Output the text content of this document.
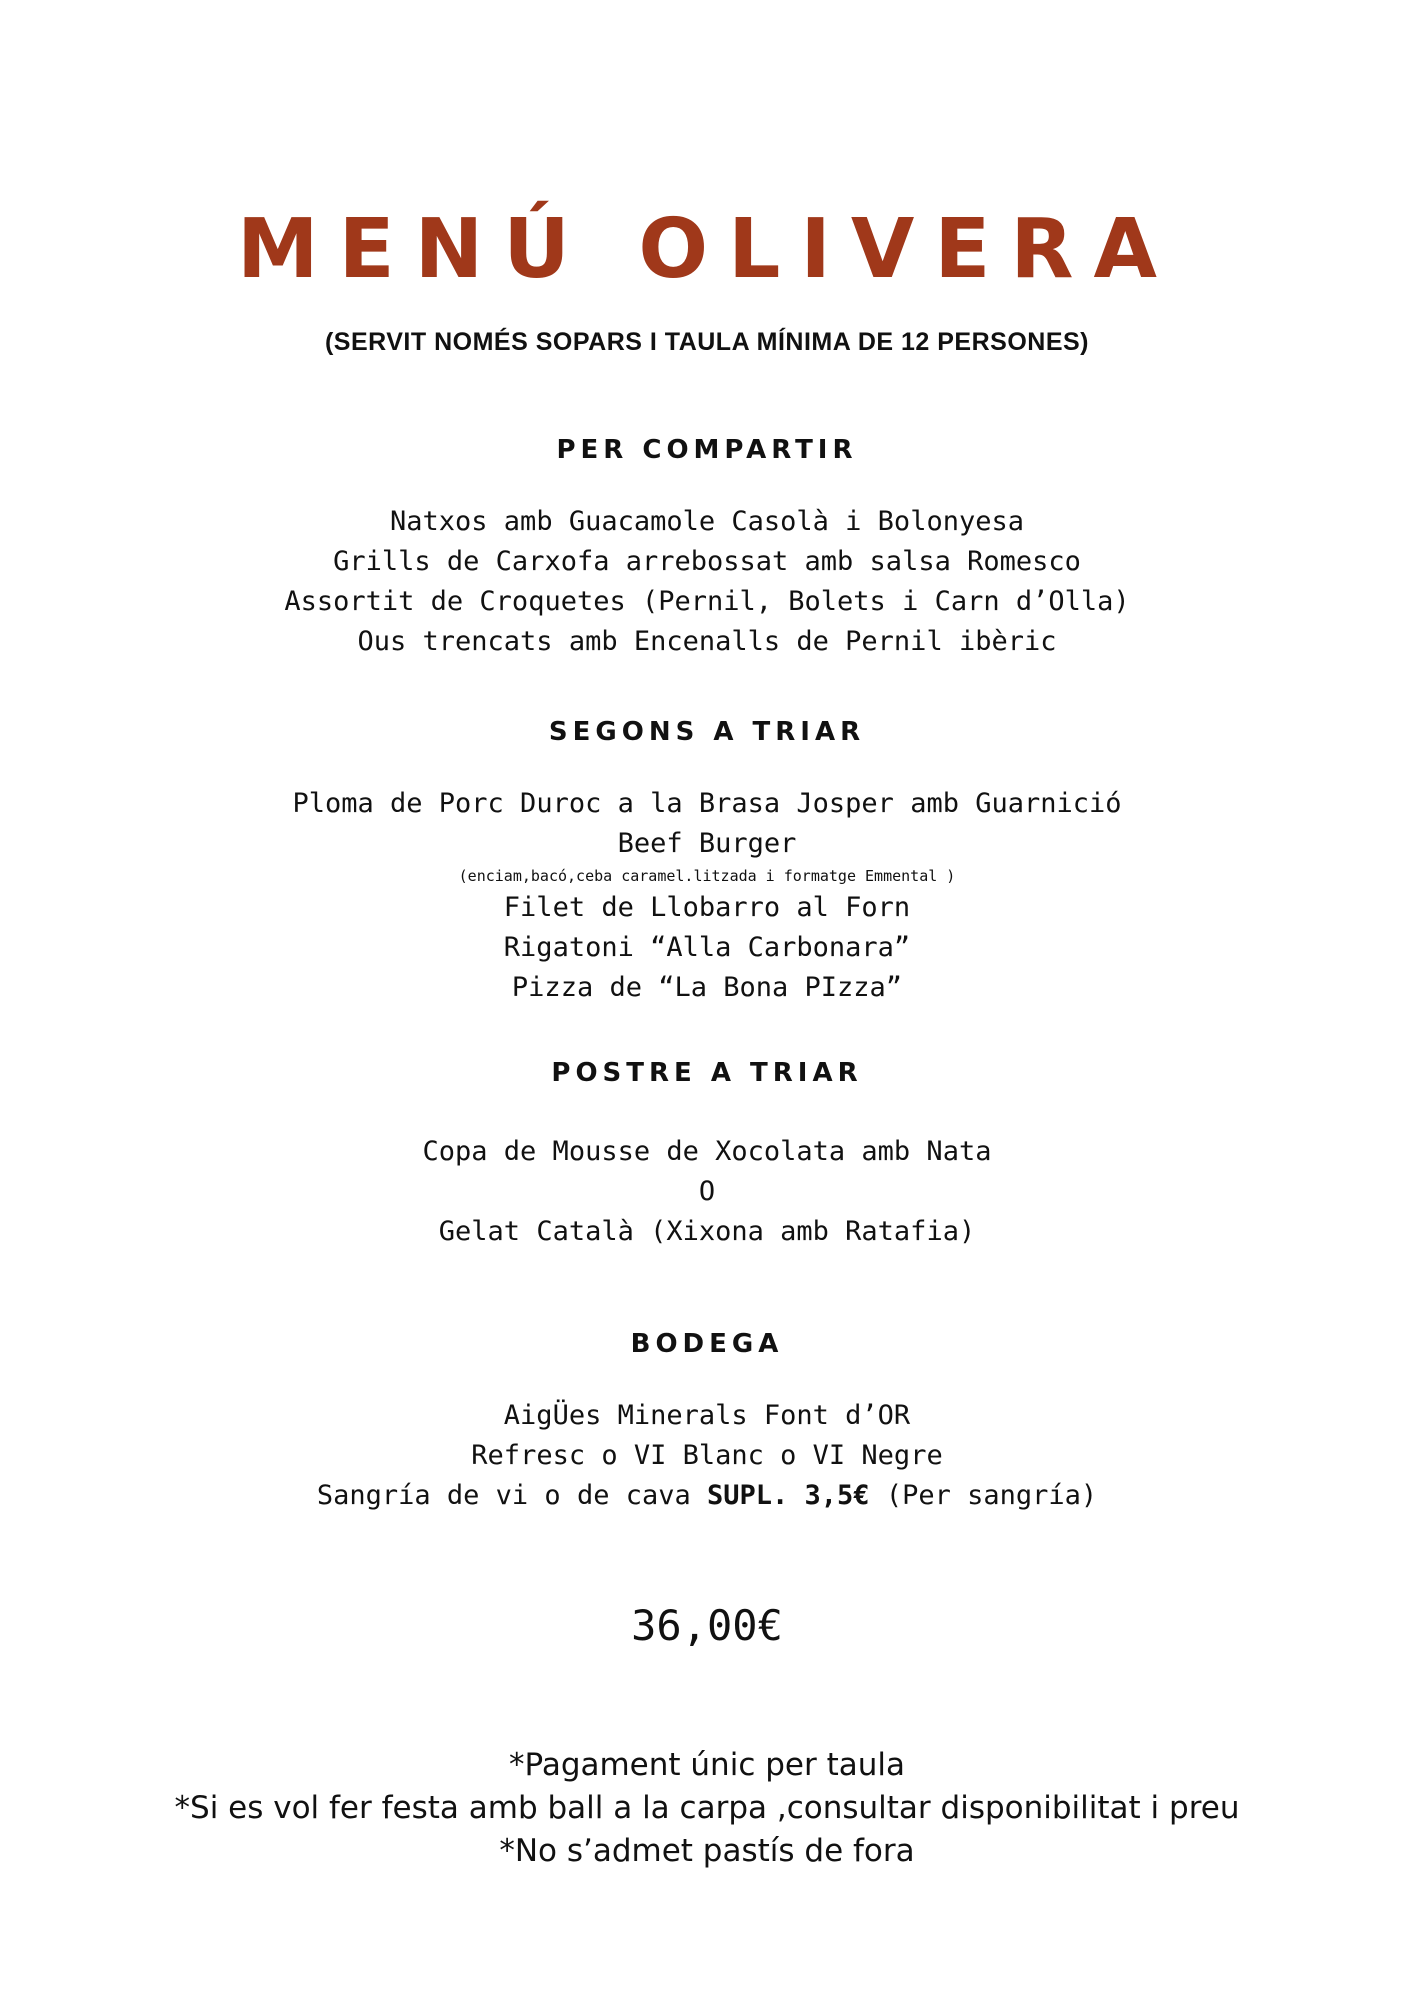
MENÚ OLIVERA
(SERVIT NOMÉS SOPARS I TAULA MÍNIMA DE 12 PERSONES)
PER COMPARTIR
Natxos amb Guacamole Casolà i Bolonyesa
Grills de Carxofa arrebossat amb salsa Romesco
Assortit de Croquetes (Pernil, Bolets i Carn d’Olla)
Ous trencats amb Encenalls de Pernil ibèric
SEGONS A TRIAR
Ploma de Porc Duroc a la Brasa Josper amb Guarnició
Beef Burger
(enciam,bacó,ceba caramel.litzada i formatge Emmental )
Filet de Llobarro al Forn
Rigatoni “Alla Carbonara”
Pizza de “La Bona PIzza”
POSTRE A TRIAR
Copa de Mousse de Xocolata amb Nata
O
Gelat Català (Xixona amb Ratafia)
BODEGA
AigÜes Minerals Font d’OR
Refresc o VI Blanc o VI Negre
Sangría de vi o de cava SUPL. 3,5€ (Per sangría)
36,00€
*Pagament únic per taula
*Si es vol fer festa amb ball a la carpa ,consultar disponibilitat i preu
*No s’admet pastís de fora
